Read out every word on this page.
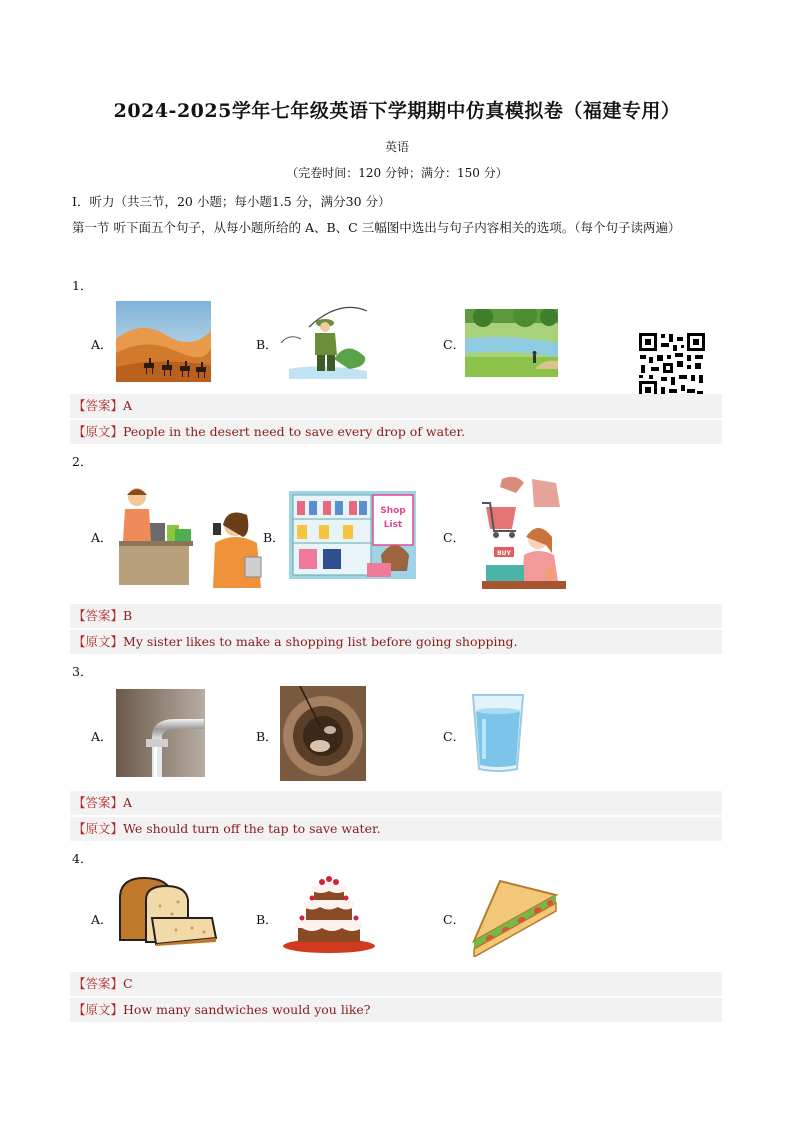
2024-2025学年七年级英语下学期期中仿真模拟卷（福建专用）
英语
（完卷时间：120 分钟；满分：150 分）
Ⅰ．听力（共三节，20 小题；每小题1.5 分，满分30 分）
第一节 听下面五个句子，从每小题所给的 A、B、C 三幅图中选出与句子内容相关的选项。（每个句子读两遍）
1．
A．	B．	C．
【答案】A
【原文】People in the desert need to save every drop of water.
2．
A．	B．
Shop
List
C．
BUY
【答案】B
【原文】My sister likes to make a shopping list before going shopping.
3．
A．	B．	C．
【答案】A
【原文】We should turn off the tap to save water.
4．
A．	B．	C．
【答案】C
【原文】How many sandwiches would you like?
